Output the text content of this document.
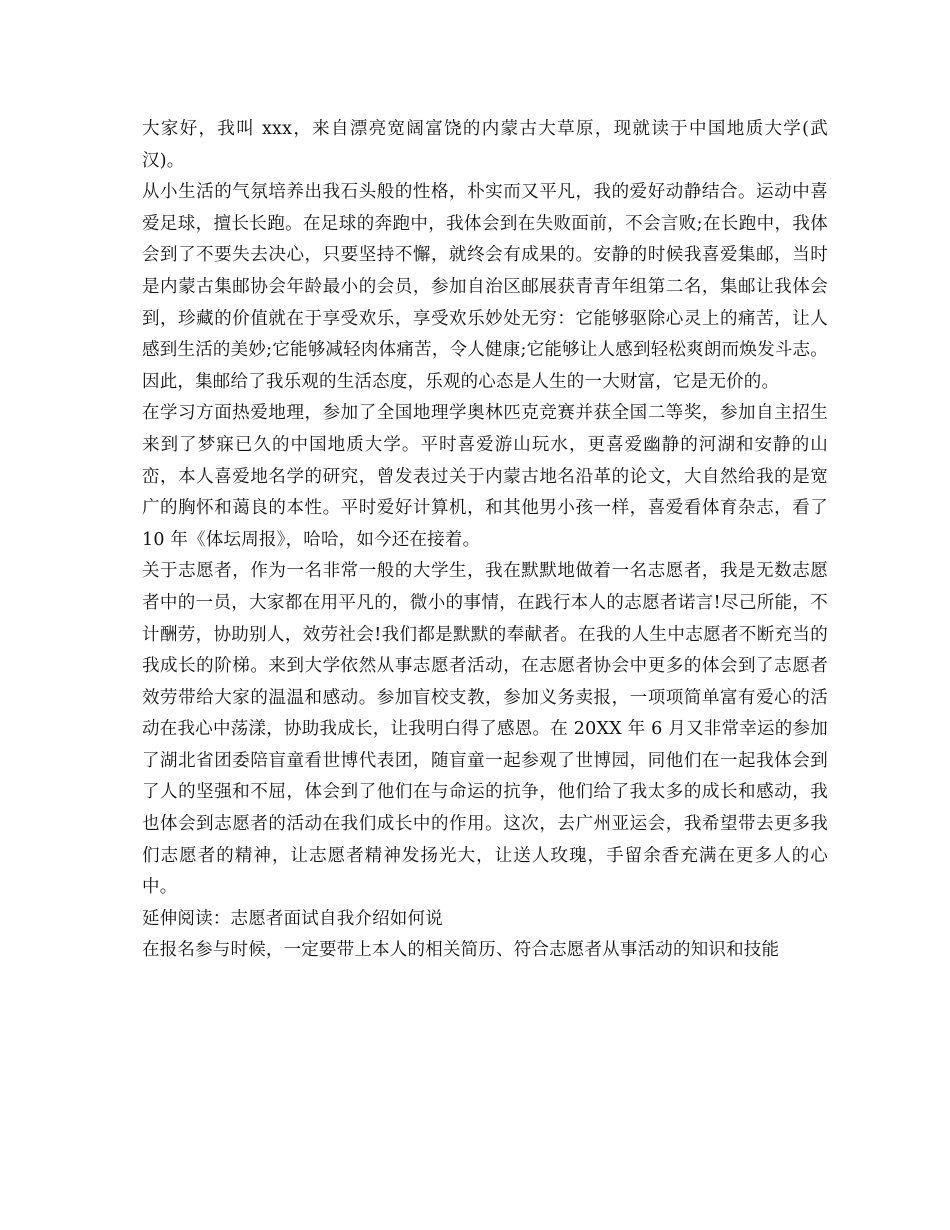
大家好，我叫 xxx，来自漂亮宽阔富饶的内蒙古大草原，现就读于中国地质大学(武汉)。

从小生活的气氛培养出我石头般的性格，朴实而又平凡，我的爱好动静结合。运动中喜爱足球，擅长长跑。在足球的奔跑中，我体会到在失败面前，不会言败;在长跑中，我体会到了不要失去决心，只要坚持不懈，就终会有成果的。安静的时候我喜爱集邮，当时是内蒙古集邮协会年龄最小的会员，参加自治区邮展获青青年组第二名，集邮让我体会到，珍藏的价值就在于享受欢乐，享受欢乐妙处无穷：它能够驱除心灵上的痛苦，让人感到生活的美妙;它能够减轻肉体痛苦，令人健康;它能够让人感到轻松爽朗而焕发斗志。因此，集邮给了我乐观的生活态度，乐观的心态是人生的一大财富，它是无价的。

在学习方面热爱地理，参加了全国地理学奥林匹克竞赛并获全国二等奖，参加自主招生来到了梦寐已久的中国地质大学。平时喜爱游山玩水，更喜爱幽静的河湖和安静的山峦，本人喜爱地名学的研究，曾发表过关于内蒙古地名沿革的论文，大自然给我的是宽广的胸怀和蔼良的本性。平时爱好计算机，和其他男小孩一样，喜爱看体育杂志，看了 10 年《体坛周报》，哈哈，如今还在接着。

关于志愿者，作为一名非常一般的大学生，我在默默地做着一名志愿者，我是无数志愿者中的一员，大家都在用平凡的，微小的事情，在践行本人的志愿者诺言!尽己所能，不计酬劳，协助别人，效劳社会!我们都是默默的奉献者。在我的人生中志愿者不断充当的我成长的阶梯。来到大学依然从事志愿者活动，在志愿者协会中更多的体会到了志愿者效劳带给大家的温温和感动。参加盲校支教，参加义务卖报，一项项简单富有爱心的活动在我心中荡漾，协助我成长，让我明白得了感恩。在 20XX 年 6 月又非常幸运的参加了湖北省团委陪盲童看世博代表团，随盲童一起参观了世博园，同他们在一起我体会到了人的坚强和不屈，体会到了他们在与命运的抗争，他们给了我太多的成长和感动，我也体会到志愿者的活动在我们成长中的作用。这次，去广州亚运会，我希望带去更多我们志愿者的精神，让志愿者精神发扬光大，让送人玫瑰，手留余香充满在更多人的心中。

延伸阅读：志愿者面试自我介绍如何说

在报名参与时候，一定要带上本人的相关简历、符合志愿者从事活动的知识和技能
